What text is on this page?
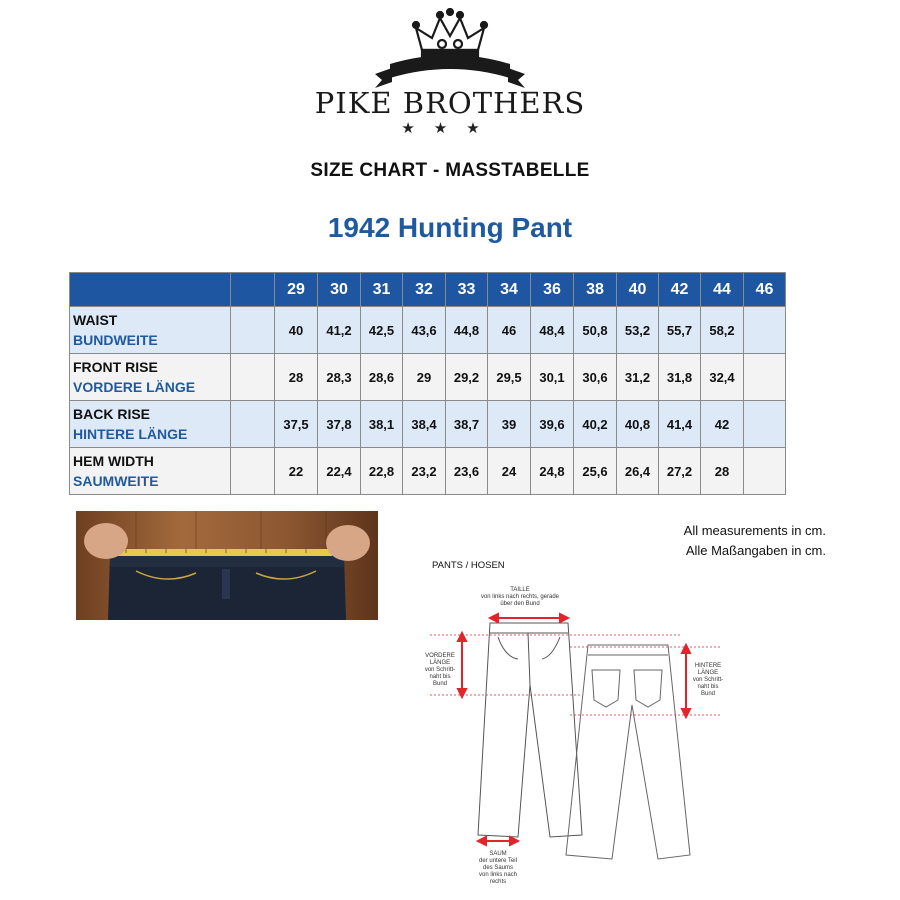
PIKE BROTHERS
★★★
SIZE CHART - MASSTABELLE
1942 Hunting Pant
		29	30	31	32	33	34	36	38	40	42	44	46

WAIST
BUNDWEITE		40	41,2	42,5	43,6	44,8	46	48,4	50,8	53,2	55,7	58,2	

FRONT RISE
VORDERE LÄNGE		28	28,3	28,6	29	29,2	29,5	30,1	30,6	31,2	31,8	32,4	

BACK RISE
HINTERE LÄNGE		37,5	37,8	38,1	38,4	38,7	39	39,6	40,2	40,8	41,4	42	

HEM WIDTH
SAUMWEITE		22	22,4	22,8	23,2	23,6	24	24,8	25,6	26,4	27,2	28	
All measurements in cm.
Alle Maßangaben in cm.
PANTS / HOSEN
TAILLE
von links nach rechts, gerade
über den Bund
VORDERE
LÄNGE
von Schritt-
naht bis
Bund
HINTERE
LÄNGE
von Schritt-
naht bis
Bund
SAUM
der untere Teil
des Saums
von links nach
rechts
